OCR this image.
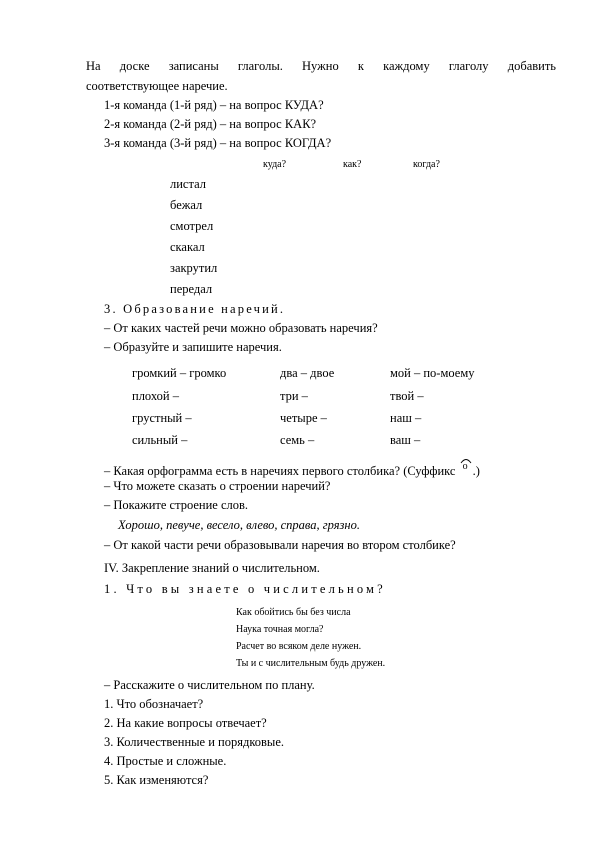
На доске записаны глаголы. Нужно к каждому глаголу добавить
соответствующее наречие.
1-я команда (1-й ряд) – на вопрос КУДА?
2-я команда (2-й ряд) – на вопрос КАК?
3-я команда (3-й ряд) – на вопрос КОГДА?
куда?	как?	когда?
листал
бежал
смотрел
скакал
закрутил
передал
3. Образование наречий.
– От каких частей речи можно образовать наречия?
– Образуйте и запишите наречия.
громкий – громко	два – двое	мой – по-моему
плохой –	три –	твой –
грустный –	четыре –	наш –
сильный –	семь –	ваш –
– Какая орфограмма есть в наречиях первого столбика? (Суффикс о .)
– Что можете сказать о строении наречий?
– Покажите строение слов.
Хорошо, певуче, весело, влево, справа, грязно.
– От какой части речи образовывали наречия во втором столбике?
IV. Закрепление знаний о числительном.
1. Что вы знаете о числительном?
Как обойтись бы без числа
Наука точная могла?
Расчет во всяком деле нужен.
Ты и с числительным будь дружен.
– Расскажите о числительном по плану.
1. Что обозначает?
2. На какие вопросы отвечает?
3. Количественные и порядковые.
4. Простые и сложные.
5. Как изменяются?
